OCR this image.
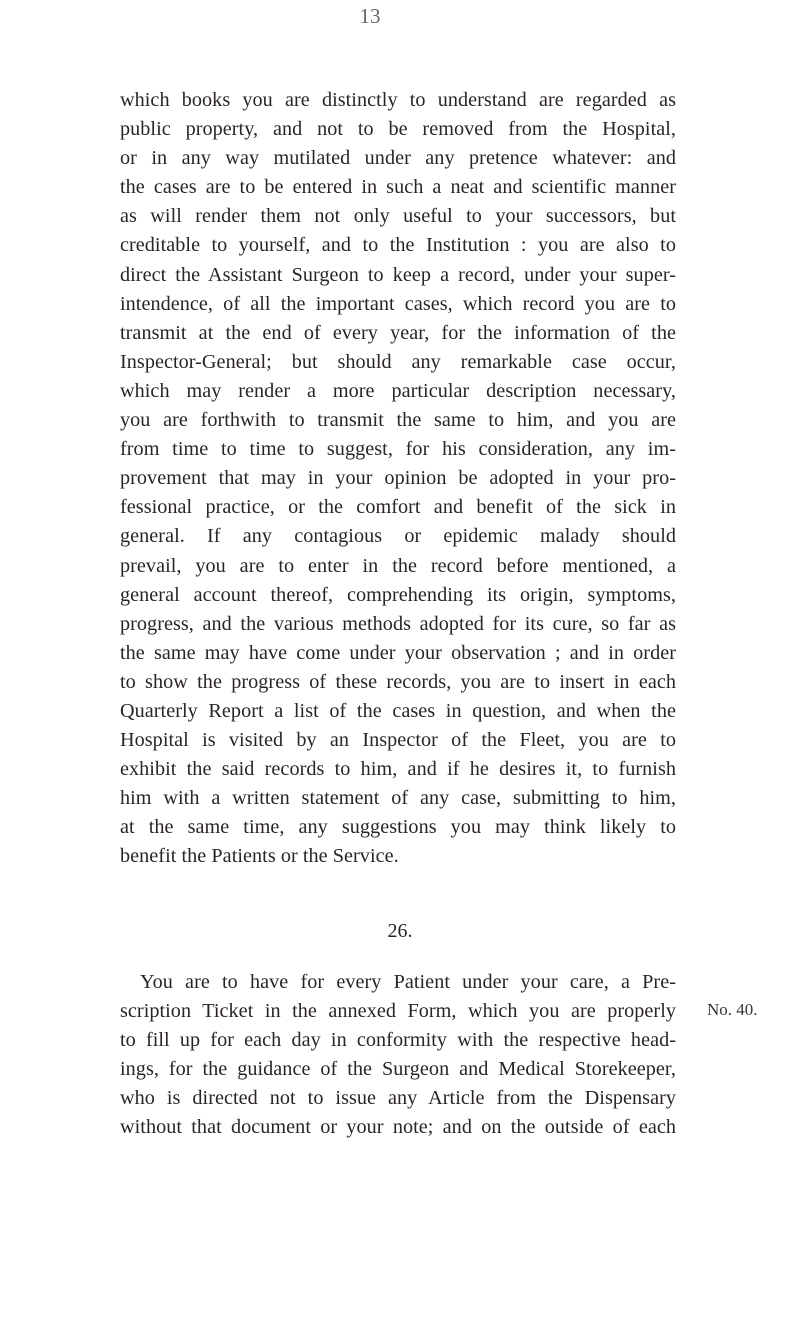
13
which books you are distinctly to understand are regarded as
public property, and not to be removed from the Hospital,
or in any way mutilated under any pretence whatever: and
the cases are to be entered in such a neat and scientific manner
as will render them not only useful to your successors, but
creditable to yourself, and to the Institution : you are also to
direct the Assistant Surgeon to keep a record, under your super-
intendence, of all the important cases, which record you are to
transmit at the end of every year, for the information of the
Inspector-General; but should any remarkable case occur,
which may render a more particular description necessary,
you are forthwith to transmit the same to him, and you are
from time to time to suggest, for his consideration, any im-
provement that may in your opinion be adopted in your pro-
fessional practice, or the comfort and benefit of the sick in
general. If any contagious or epidemic malady should
prevail, you are to enter in the record before mentioned, a
general account thereof, comprehending its origin, symptoms,
progress, and the various methods adopted for its cure, so far as
the same may have come under your observation ; and in order
to show the progress of these records, you are to insert in each
Quarterly Report a list of the cases in question, and when the
Hospital is visited by an Inspector of the Fleet, you are to
exhibit the said records to him, and if he desires it, to furnish
him with a written statement of any case, submitting to him,
at the same time, any suggestions you may think likely to
benefit the Patients or the Service.
26.
You are to have for every Patient under your care, a Pre-
scription Ticket in the annexed Form, which you are properly
to fill up for each day in conformity with the respective head-
ings, for the guidance of the Surgeon and Medical Storekeeper,
who is directed not to issue any Article from the Dispensary
without that document or your note; and on the outside of each
No. 40.
